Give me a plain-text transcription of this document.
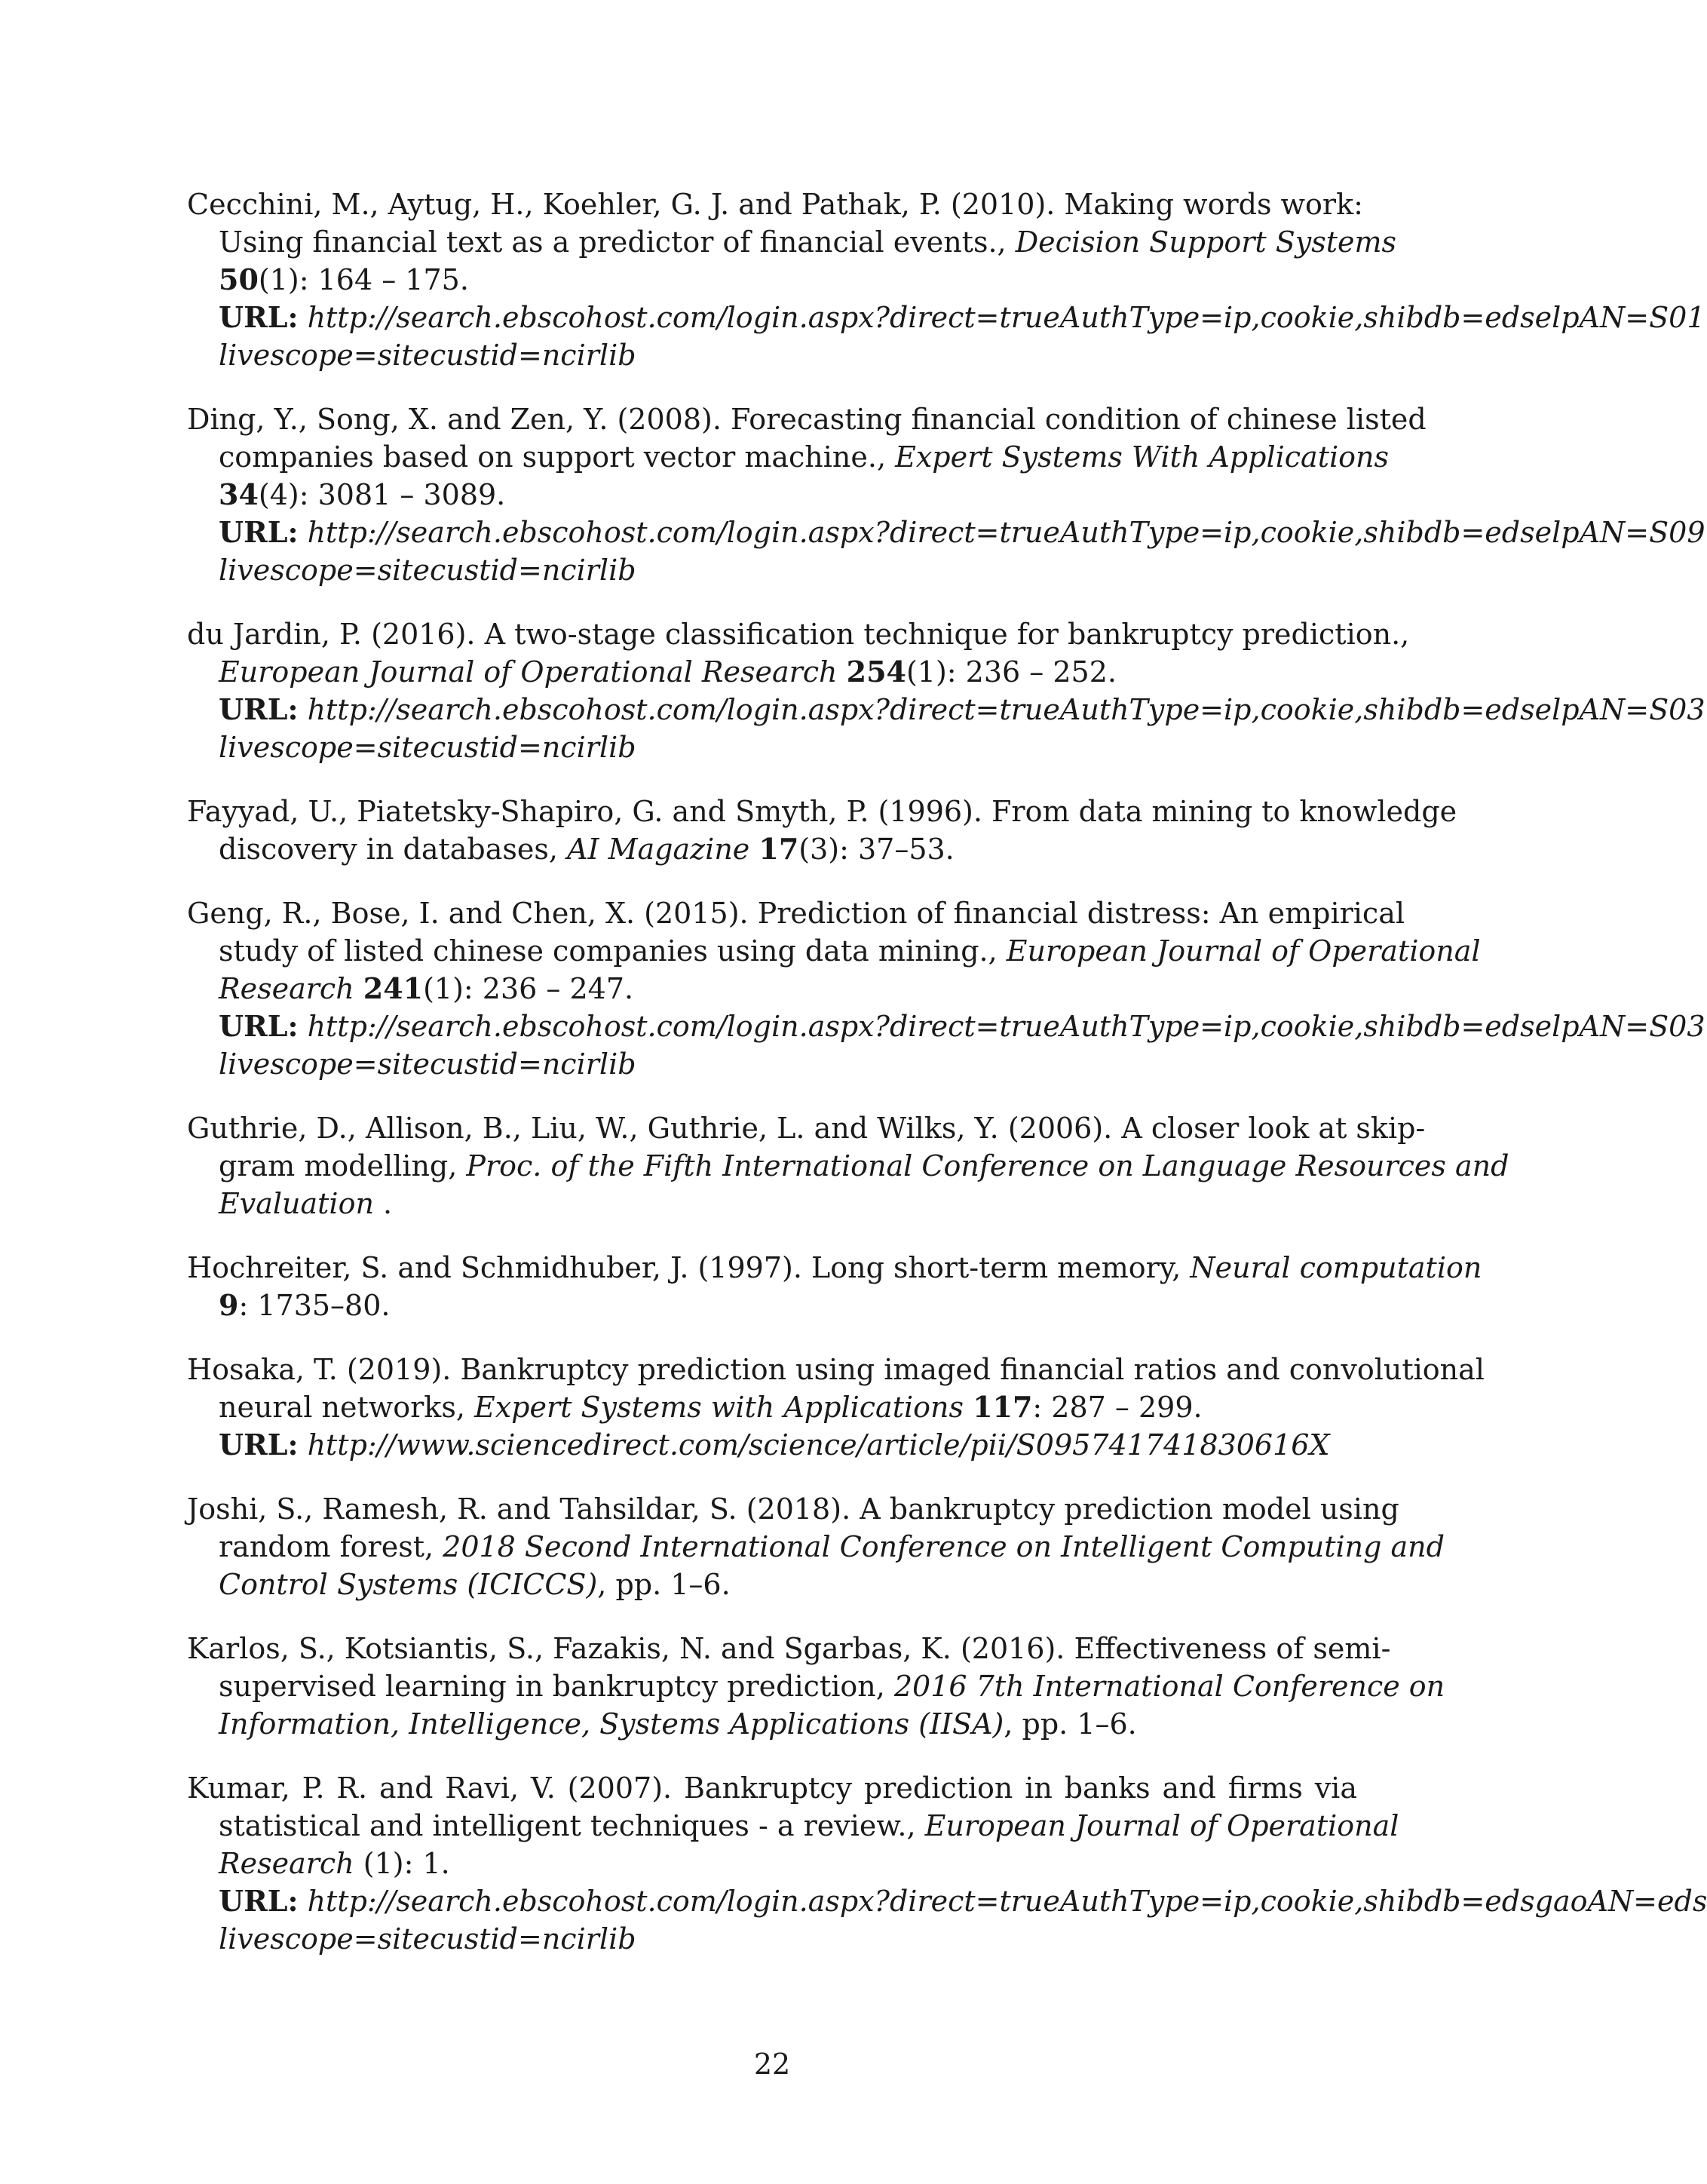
Cecchini, M., Aytug, H., Koehler, G. J. and Pathak, P. (2010). Making words work:
Using financial text as a predictor of financial events., Decision Support Systems
50(1): 164 – 175.
URL: http://search.ebscohost.com/login.aspx?direct=trueAuthType=ip,cookie,shibdb=edselpAN=S01
livescope=sitecustid=ncirlib
Ding, Y., Song, X. and Zen, Y. (2008). Forecasting financial condition of chinese listed
companies based on support vector machine., Expert Systems With Applications
34(4): 3081 – 3089.
URL: http://search.ebscohost.com/login.aspx?direct=trueAuthType=ip,cookie,shibdb=edselpAN=S09
livescope=sitecustid=ncirlib
du Jardin, P. (2016). A two-stage classification technique for bankruptcy prediction.,
European Journal of Operational Research 254(1): 236 – 252.
URL: http://search.ebscohost.com/login.aspx?direct=trueAuthType=ip,cookie,shibdb=edselpAN=S03
livescope=sitecustid=ncirlib
Fayyad, U., Piatetsky-Shapiro, G. and Smyth, P. (1996). From data mining to knowledge
discovery in databases, AI Magazine 17(3): 37–53.
Geng, R., Bose, I. and Chen, X. (2015). Prediction of financial distress: An empirical
study of listed chinese companies using data mining., European Journal of Operational
Research 241(1): 236 – 247.
URL: http://search.ebscohost.com/login.aspx?direct=trueAuthType=ip,cookie,shibdb=edselpAN=S03
livescope=sitecustid=ncirlib
Guthrie, D., Allison, B., Liu, W., Guthrie, L. and Wilks, Y. (2006). A closer look at skip-
gram modelling, Proc. of the Fifth International Conference on Language Resources and
Evaluation .
Hochreiter, S. and Schmidhuber, J. (1997). Long short-term memory, Neural computation
9: 1735–80.
Hosaka, T. (2019). Bankruptcy prediction using imaged financial ratios and convolutional
neural networks, Expert Systems with Applications 117: 287 – 299.
URL: http://www.sciencedirect.com/science/article/pii/S095741741830616X
Joshi, S., Ramesh, R. and Tahsildar, S. (2018). A bankruptcy prediction model using
random forest, 2018 Second International Conference on Intelligent Computing and
Control Systems (ICICCS), pp. 1–6.
Karlos, S., Kotsiantis, S., Fazakis, N. and Sgarbas, K. (2016). Effectiveness of semi-
supervised learning in bankruptcy prediction, 2016 7th International Conference on
Information, Intelligence, Systems Applications (IISA), pp. 1–6.
Kumar, P. R. and Ravi, V. (2007). Bankruptcy prediction in banks and firms via
statistical and intelligent techniques - a review., European Journal of Operational
Research (1): 1.
URL: http://search.ebscohost.com/login.aspx?direct=trueAuthType=ip,cookie,shibdb=edsgaoAN=eds
livescope=sitecustid=ncirlib
22
